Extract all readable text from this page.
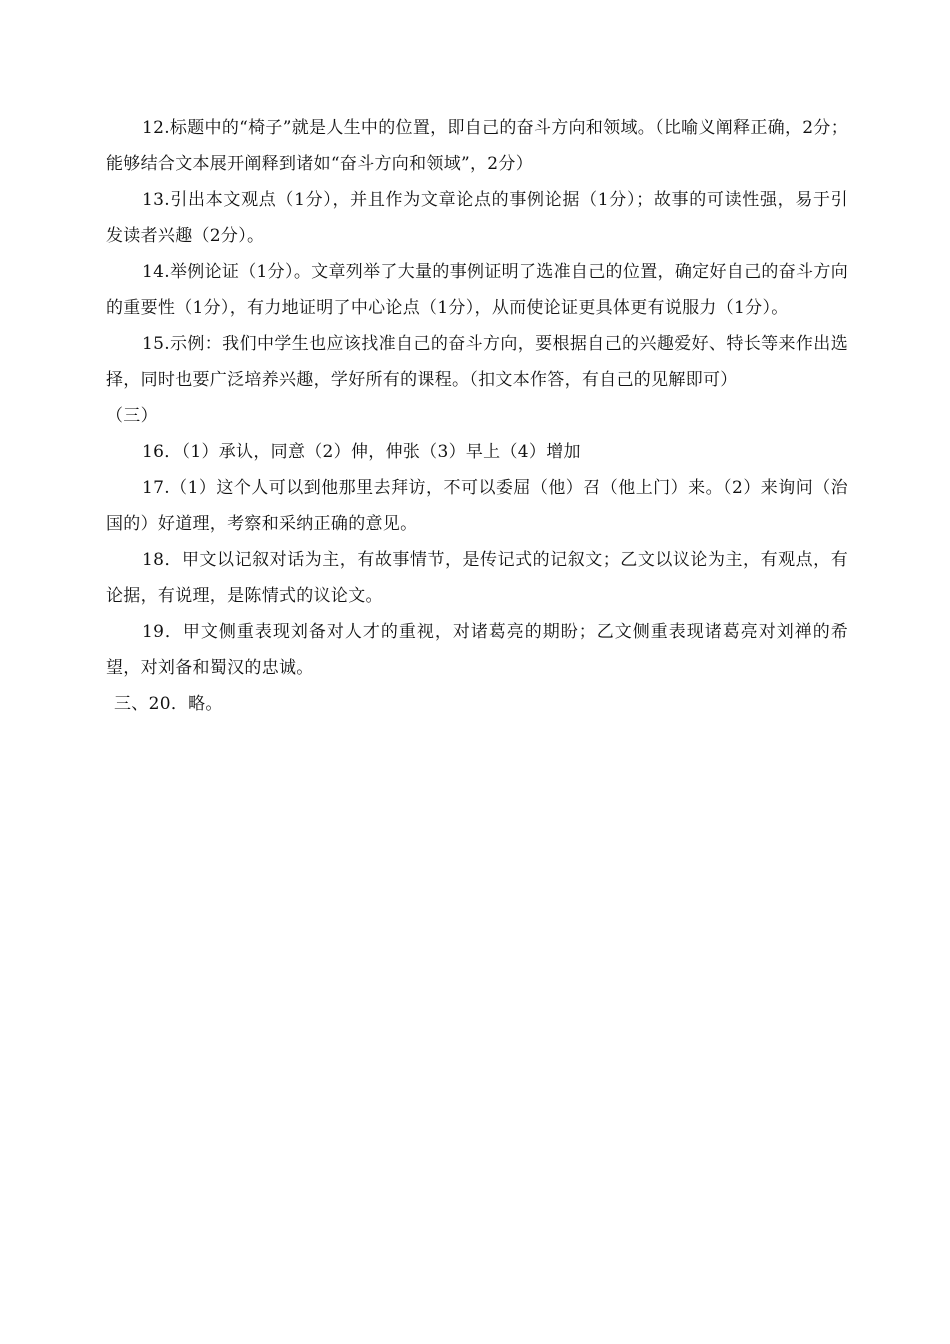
12.标题中的“椅子”就是人生中的位置，即自己的奋斗方向和领域。（比喻义阐释正确，2分；能够结合文本展开阐释到诸如“奋斗方向和领域”，2分）

13.引出本文观点（1分），并且作为文章论点的事例论据（1分）；故事的可读性强，易于引发读者兴趣（2分）。

14.举例论证（1分）。文章列举了大量的事例证明了选准自己的位置，确定好自己的奋斗方向的重要性（1分），有力地证明了中心论点（1分），从而使论证更具体更有说服力（1分）。

15.示例：我们中学生也应该找准自己的奋斗方向，要根据自己的兴趣爱好、特长等来作出选择，同时也要广泛培养兴趣，学好所有的课程。（扣文本作答，有自己的见解即可）

（三）

16．（1）承认，同意（2）伸，伸张（3）早上（4）增加

17.（1）这个人可以到他那里去拜访，不可以委屈（他）召（他上门）来。（2）来询问（治国的）好道理，考察和采纳正确的意见。

18．甲文以记叙对话为主，有故事情节，是传记式的记叙文；乙文以议论为主，有观点，有论据，有说理，是陈情式的议论文。

19．甲文侧重表现刘备对人才的重视，对诸葛亮的期盼；乙文侧重表现诸葛亮对刘禅的希望，对刘备和蜀汉的忠诚。

三、20．略。
